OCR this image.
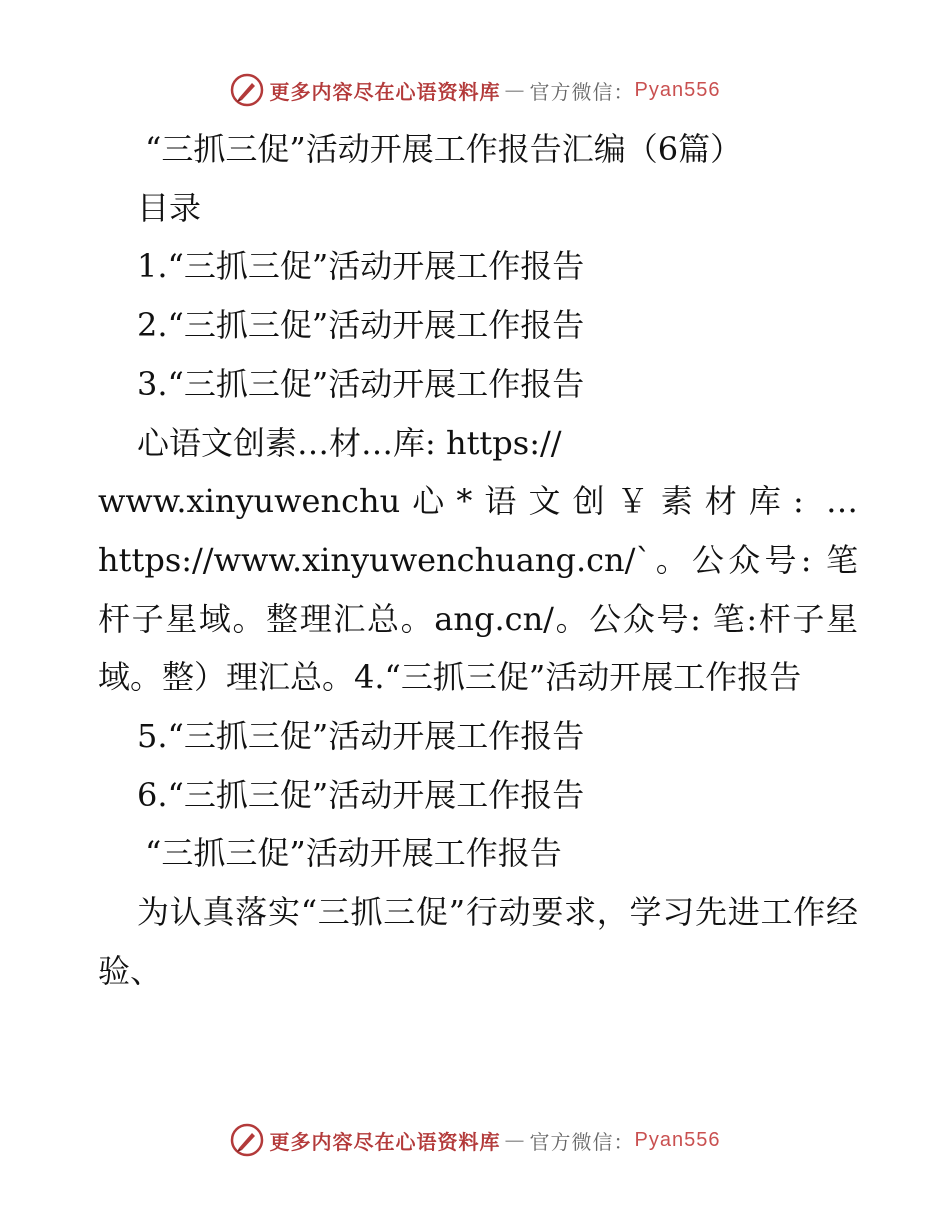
更多内容尽在心语资料库 — 官方微信： Pyan556
“三抓三促”活动开展工作报告汇编（6篇）
目录
1.“三抓三促”活动开展工作报告
2.“三抓三促”活动开展工作报告
3.“三抓三促”活动开展工作报告
心语文创素…材…库: https://
www.xinyuwenchu心*语文创￥素材库: …https://www.xinyuwenchuang.cn/`。公众号: 笔杆子星域。整理汇总。ang.cn/。公众号: 笔:杆子星域。整）理汇总。4.“三抓三促”活动开展工作报告
5.“三抓三促”活动开展工作报告
6.“三抓三促”活动开展工作报告
“三抓三促”活动开展工作报告
为认真落实“三抓三促”行动要求，学习先进工作经验、
更多内容尽在心语资料库 — 官方微信： Pyan556
